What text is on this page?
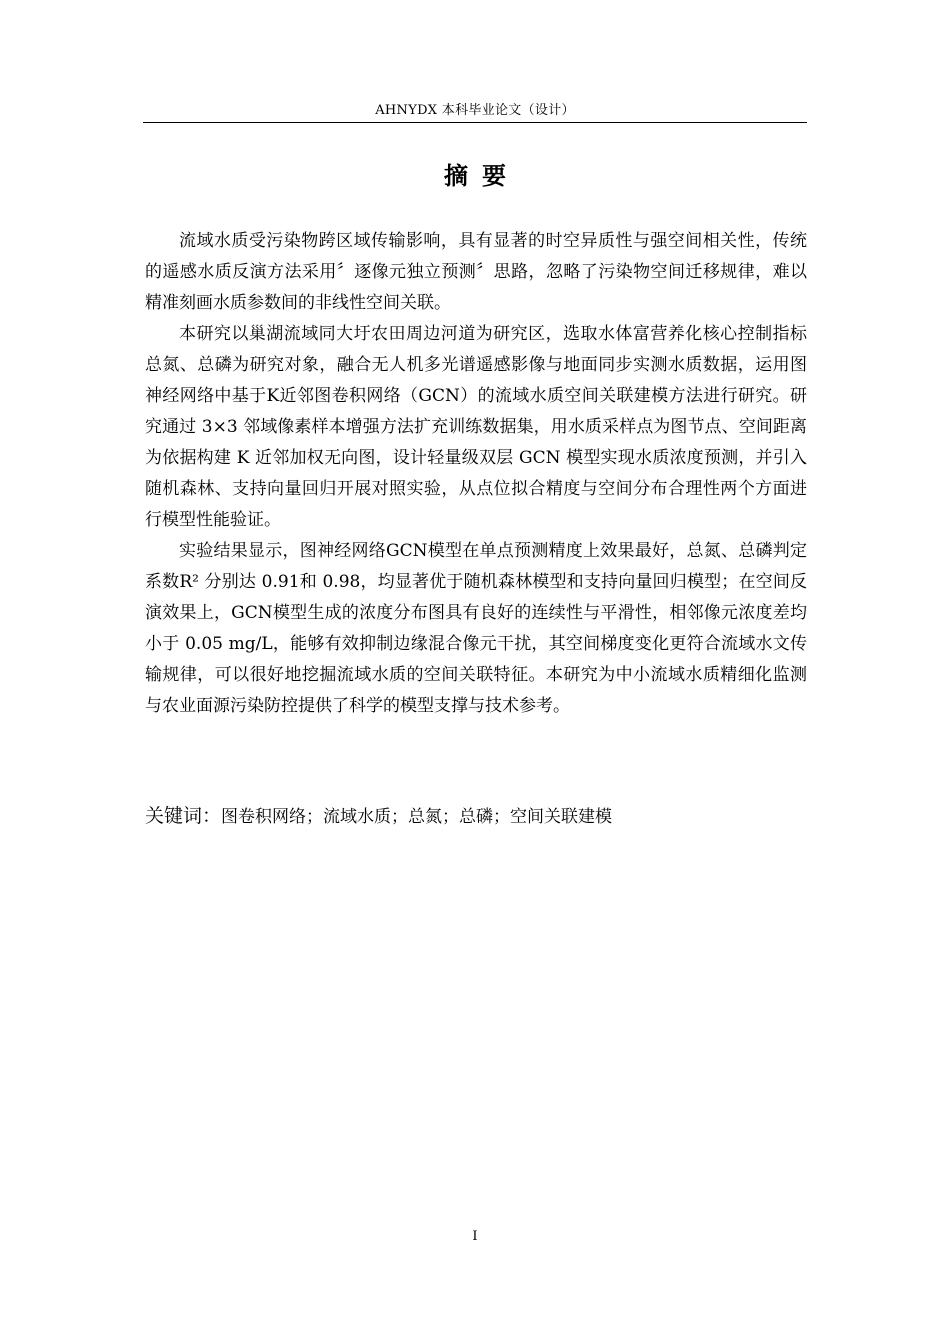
AHNYDX 本科毕业论文（设计）
摘要

流域水质受污染物跨区域传输影响，具有显著的时空异质性与强空间相关性，传统的遥感水质反演方法采用〞逐像元独立预测〞思路，忽略了污染物空间迁移规律，难以精准刻画水质参数间的非线性空间关联。

本研究以巢湖流域同大圩农田周边河道为研究区，选取水体富营养化核心控制指标总氮、总磷为研究对象，融合无人机多光谱遥感影像与地面同步实测水质数据，运用图神经网络中基于K近邻图卷积网络（GCN）的流域水质空间关联建模方法进行研究。研究通过 3×3 邻域像素样本增强方法扩充训练数据集，用水质采样点为图节点、空间距离为依据构建 K 近邻加权无向图，设计轻量级双层 GCN 模型实现水质浓度预测，并引入随机森林、支持向量回归开展对照实验，从点位拟合精度与空间分布合理性两个方面进行模型性能验证。

实验结果显示，图神经网络GCN模型在单点预测精度上效果最好，总氮、总磷判定系数R² 分别达 0.91和 0.98，均显著优于随机森林模型和支持向量回归模型；在空间反演效果上，GCN模型生成的浓度分布图具有良好的连续性与平滑性，相邻像元浓度差均小于 0.05 mg/L，能够有效抑制边缘混合像元干扰，其空间梯度变化更符合流域水文传输规律，可以很好地挖掘流域水质的空间关联特征。本研究为中小流域水质精细化监测与农业面源污染防控提供了科学的模型支撑与技术参考。

关键词：图卷积网络；流域水质；总氮；总磷；空间关联建模
I
